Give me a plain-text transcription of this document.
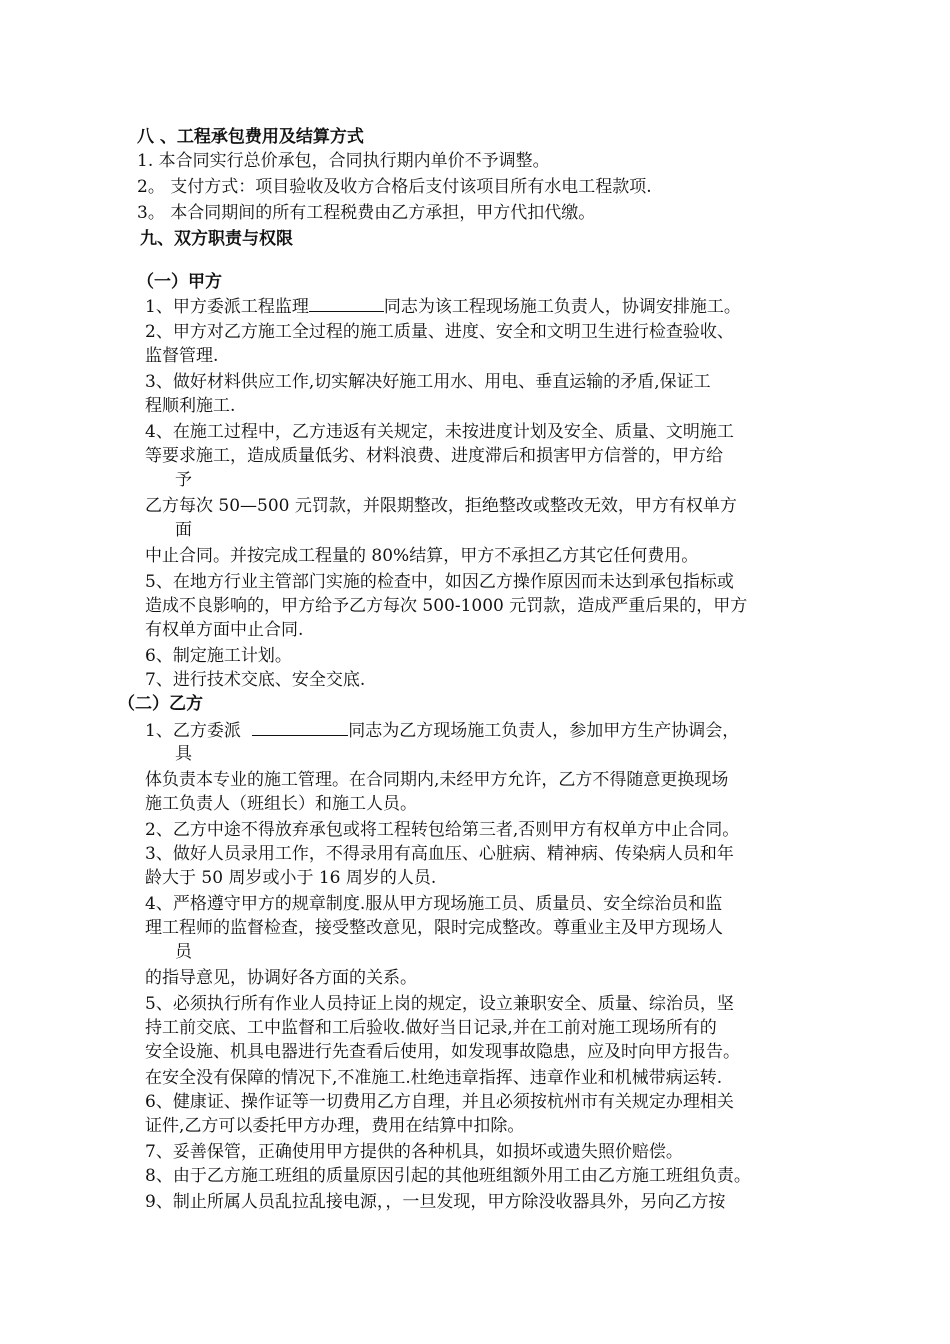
八 、工程承包费用及结算方式
1. 本合同实行总价承包，合同执行期内单价不予调整。
2。 支付方式：项目验收及收方合格后支付该项目所有水电工程款项.
3。 本合同期间的所有工程税费由乙方承担，甲方代扣代缴。
九、双方职责与权限
（一）甲方
1、甲方委派工程监理	同志为该工程现场施工负责人，协调安排施工。
2、甲方对乙方施工全过程的施工质量、进度、安全和文明卫生进行检查验收、
监督管理.
3、做好材料供应工作,切实解决好施工用水、用电、垂直运输的矛盾,保证工
程顺利施工.
4、在施工过程中，乙方违返有关规定，未按进度计划及安全、质量、文明施工
等要求施工，造成质量低劣、材料浪费、进度滞后和损害甲方信誉的，甲方给
予
乙方每次 50—500 元罚款，并限期整改，拒绝整改或整改无效，甲方有权单方
面
中止合同。并按完成工程量的 80%结算，甲方不承担乙方其它任何费用。
5、在地方行业主管部门实施的检查中，如因乙方操作原因而未达到承包指标或
造成不良影响的，甲方给予乙方每次 500-1000 元罚款，造成严重后果的，甲方
有权单方面中止合同.
6、制定施工计划。
7、进行技术交底、安全交底.
（二）乙方
1、乙方委派	同志为乙方现场施工负责人，参加甲方生产协调会，
具
体负责本专业的施工管理。在合同期内,未经甲方允许，乙方不得随意更换现场
施工负责人（班组长）和施工人员。
2、乙方中途不得放弃承包或将工程转包给第三者,否则甲方有权单方中止合同。
3、做好人员录用工作，不得录用有高血压、心脏病、精神病、传染病人员和年
龄大于 50 周岁或小于 16 周岁的人员.
4、严格遵守甲方的规章制度.服从甲方现场施工员、质量员、安全综治员和监
理工程师的监督检查，接受整改意见，限时完成整改。尊重业主及甲方现场人
员
的指导意见，协调好各方面的关系。
5、必须执行所有作业人员持证上岗的规定，设立兼职安全、质量、综治员，坚
持工前交底、工中监督和工后验收.做好当日记录,并在工前对施工现场所有的
安全设施、机具电器进行先查看后使用，如发现事故隐患，应及时向甲方报告。
在安全没有保障的情况下,不准施工.杜绝违章指挥、违章作业和机械带病运转.
6、健康证、操作证等一切费用乙方自理，并且必须按杭州市有关规定办理相关
证件,乙方可以委托甲方办理，费用在结算中扣除。
7、妥善保管，正确使用甲方提供的各种机具，如损坏或遗失照价赔偿。
8、由于乙方施工班组的质量原因引起的其他班组额外用工由乙方施工班组负责。
9、制止所属人员乱拉乱接电源，，一旦发现，甲方除没收器具外，另向乙方按
